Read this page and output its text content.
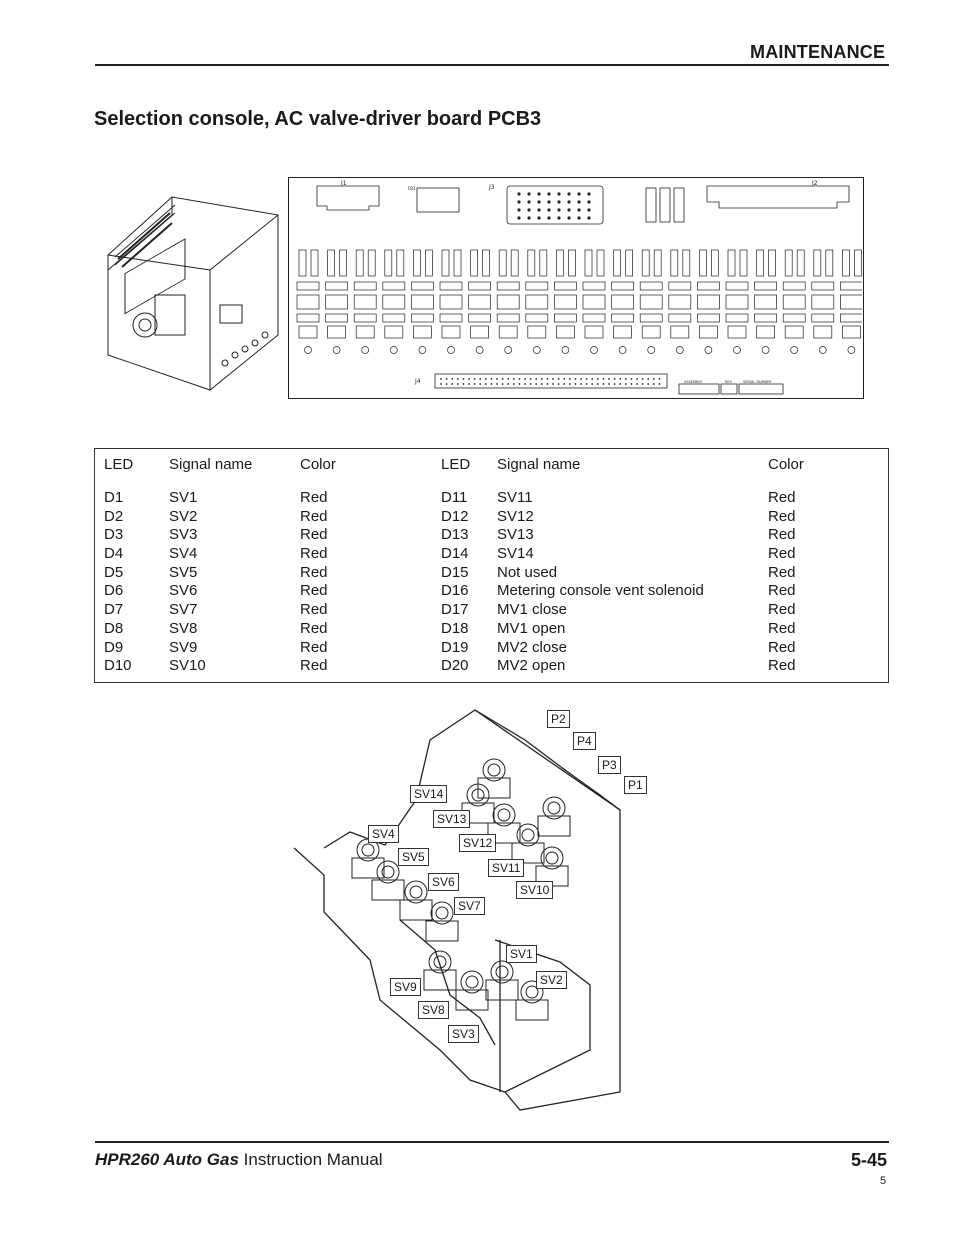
MAINTENANCE
Selection console, AC valve-driver board PCB3
J1	J2
J3
J4
FB1
ASSEMBLY	REV	SERIAL NUMBER
LED Signal name	Color	LED Signal name	Color
D1	SV1	Red	D11 SV11	Red
D2	SV2	Red	D12 SV12	Red
D3	SV3	Red	D13 SV13	Red
D4	SV4	Red	D14 SV14	Red
D5	SV5	Red	D15 Not used	Red
D6	SV6	Red	D16 Metering console vent solenoid	Red
D7	SV7	Red	D17 MV1 close	Red
D8	SV8	Red	D18 MV1 open	Red
D9	SV9	Red	D19 MV2 close	Red
D10 SV10	Red	D20 MV2 open	Red
P2
P4
P3
P1
SV14
SV13
SV12
SV11
SV10
SV4
SV5
SV6
SV7
SV1
SV2
SV9
SV8
SV3
HPR260 Auto Gas Instruction Manual	5-45
5
